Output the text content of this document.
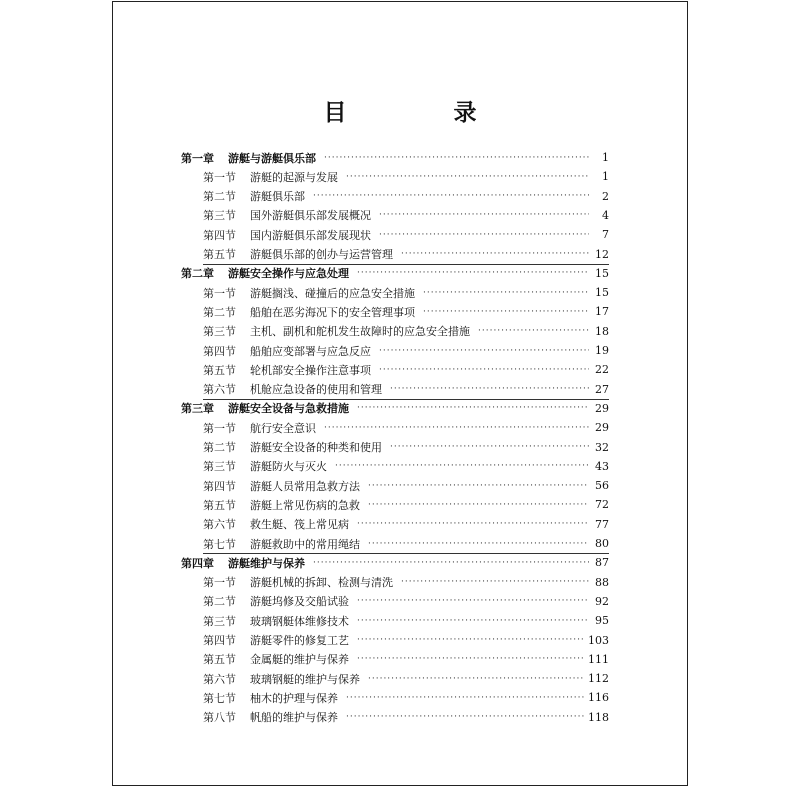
目　录
第一章 游艇与游艇俱乐部 ·····	1
第一节 游艇的起源与发展 ·····	1
第二节 游艇俱乐部 ·····	2
第三节 国外游艇俱乐部发展概况 ·····	4
第四节 国内游艇俱乐部发展现状 ·····	7
第五节 游艇俱乐部的创办与运营管理 ·····	12
第二章 游艇安全操作与应急处理 ·····	15
第一节 游艇搁浅、碰撞后的应急安全措施 ·····	15
第二节 船舶在恶劣海况下的安全管理事项 ·····	17
第三节 主机、副机和舵机发生故障时的应急安全措施 ·····	18
第四节 船舶应变部署与应急反应 ·····	19
第五节 轮机部安全操作注意事项 ·····	22
第六节 机舱应急设备的使用和管理 ·····	27
第三章 游艇安全设备与急救措施 ·····	29
第一节 航行安全意识 ·····	29
第二节 游艇安全设备的种类和使用 ·····	32
第三节 游艇防火与灭火 ·····	43
第四节 游艇人员常用急救方法 ·····	56
第五节 游艇上常见伤病的急救 ·····	72
第六节 救生艇、筏上常见病 ·····	77
第七节 游艇救助中的常用绳结 ·····	80
第四章 游艇维护与保养 ·····	87
第一节 游艇机械的拆卸、检测与清洗 ·····	88
第二节 游艇坞修及交船试验 ·····	92
第三节 玻璃钢艇体维修技术 ·····	95
第四节 游艇零件的修复工艺 ·····	103
第五节 金属艇的维护与保养 ·····	111
第六节 玻璃钢艇的维护与保养 ·····	112
第七节 柚木的护理与保养 ·····	116
第八节 帆船的维护与保养 ·····	118
